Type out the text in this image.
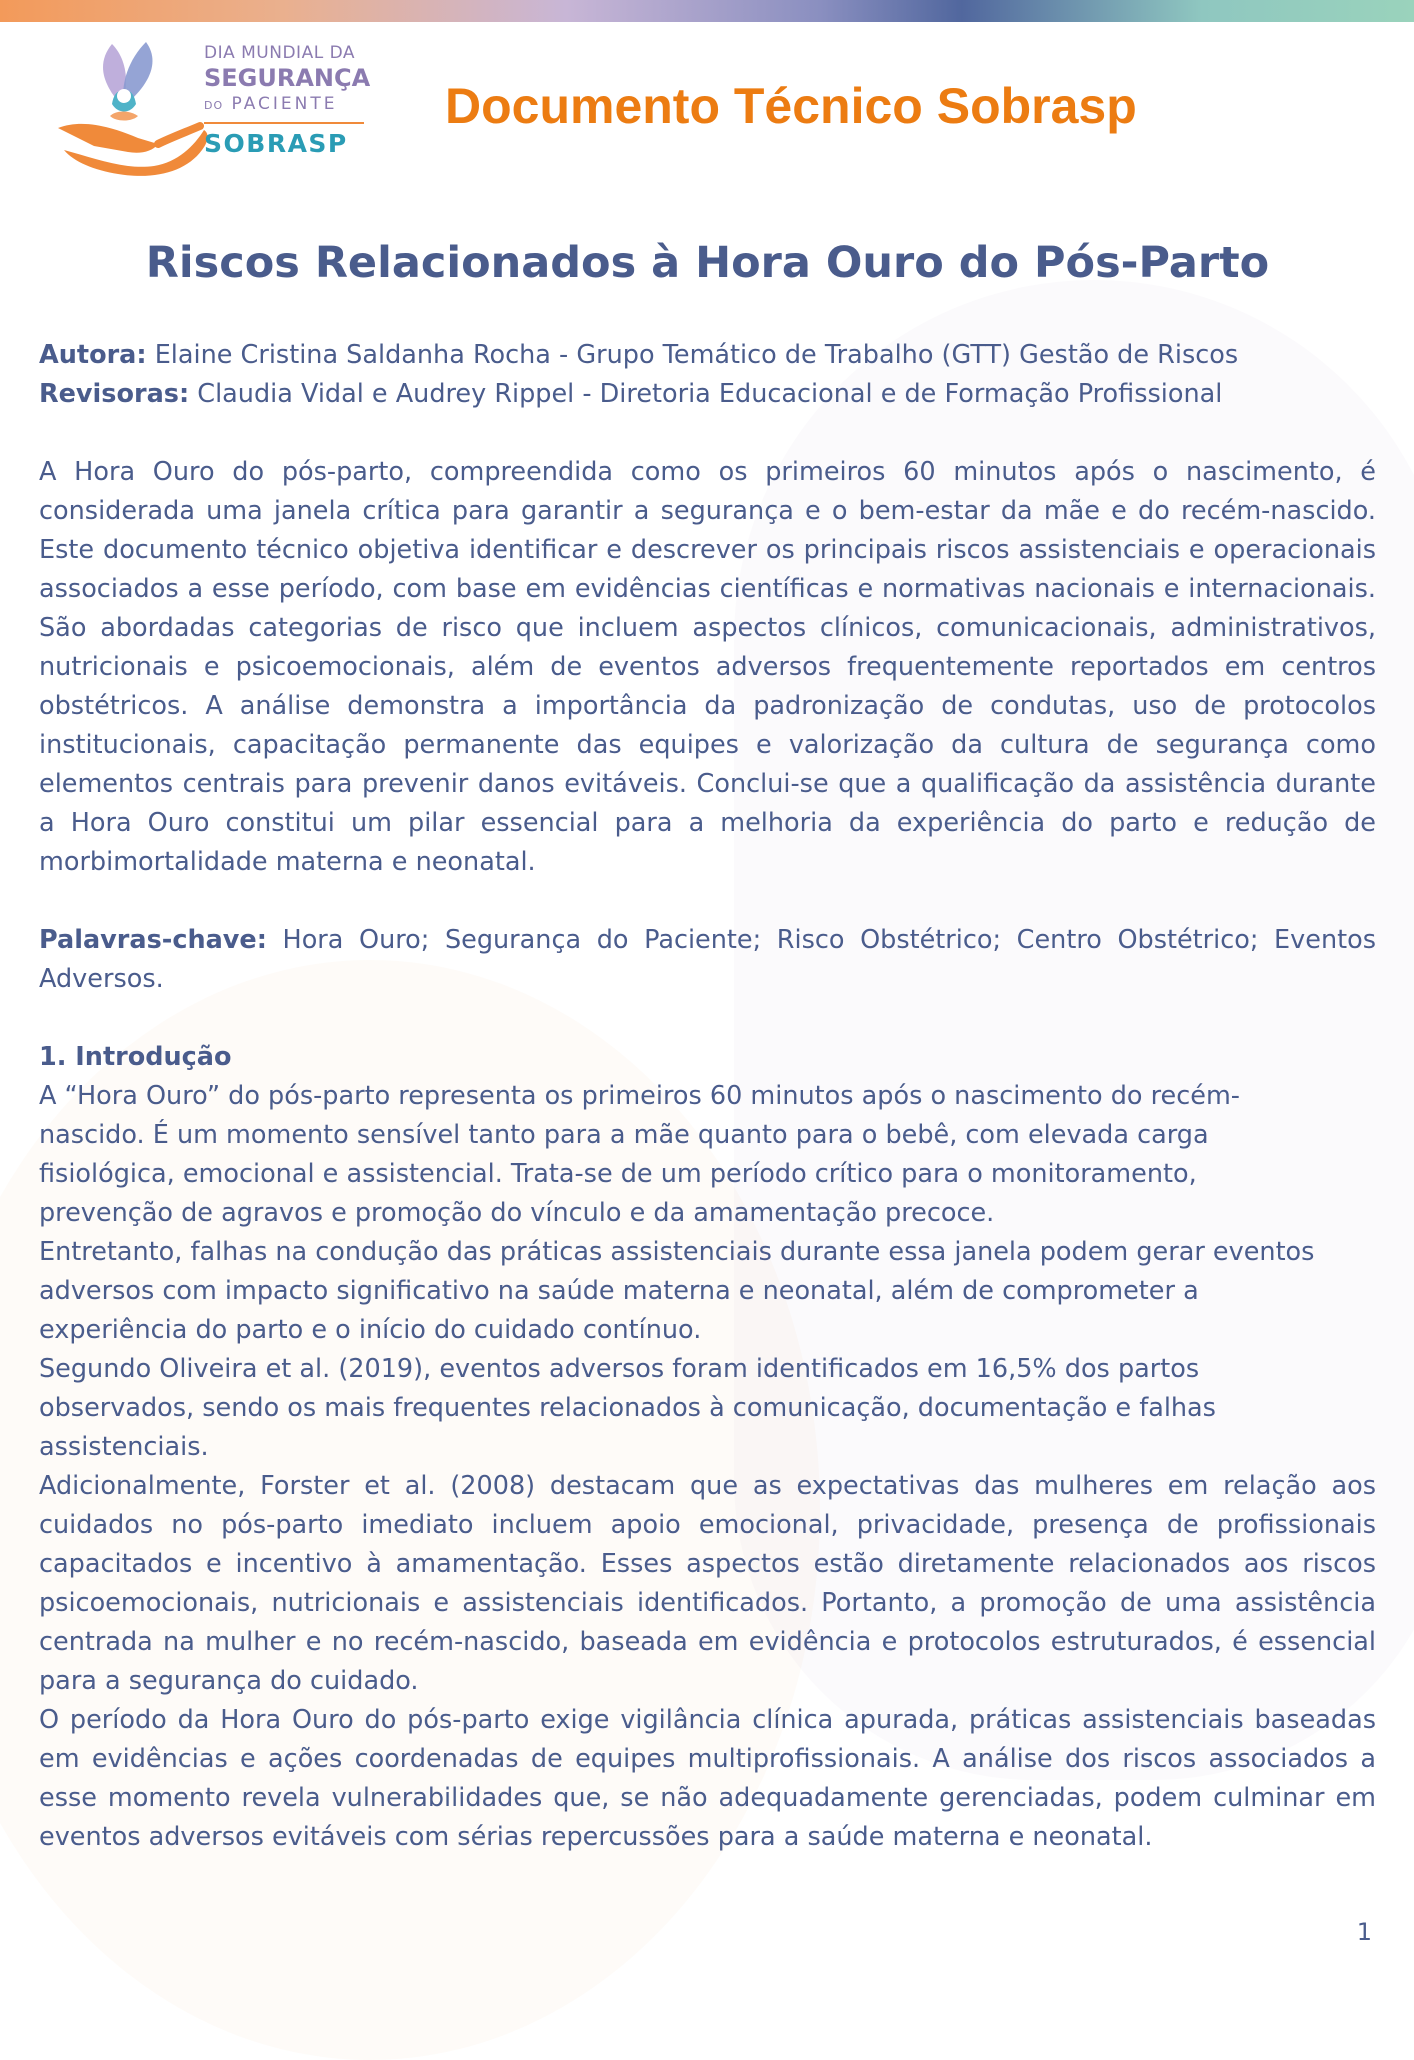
DIA MUNDIAL DA
SEGURANÇA
DO PACIENTE
SOBRASP
Documento Técnico Sobrasp
Riscos Relacionados à Hora Ouro do Pós-Parto

Autora: Elaine Cristina Saldanha Rocha - Grupo Temático de Trabalho (GTT) Gestão de Riscos

Revisoras: Claudia Vidal e Audrey Rippel - Diretoria Educacional e de Formação Profissional

A Hora Ouro do pós-parto, compreendida como os primeiros 60 minutos após o nascimento, é considerada uma janela crítica para garantir a segurança e o bem-estar da mãe e do recém-nascido. Este documento técnico objetiva identificar e descrever os principais riscos assistenciais e operacionais associados a esse período, com base em evidências científicas e normativas nacionais e internacionais. São abordadas categorias de risco que incluem aspectos clínicos, comunicacionais, administrativos, nutricionais e psicoemocionais, além de eventos adversos frequentemente reportados em centros obstétricos. A análise demonstra a importância da padronização de condutas, uso de protocolos institucionais, capacitação permanente das equipes e valorização da cultura de segurança como elementos centrais para prevenir danos evitáveis. Conclui-se que a qualificação da assistência durante a Hora Ouro constitui um pilar essencial para a melhoria da experiência do parto e redução de morbimortalidade materna e neonatal.

Palavras-chave: Hora Ouro; Segurança do Paciente; Risco Obstétrico; Centro Obstétrico; Eventos Adversos.

1. Introdução

A “Hora Ouro” do pós-parto representa os primeiros 60 minutos após o nascimento do recém-
nascido. É um momento sensível tanto para a mãe quanto para o bebê, com elevada carga
fisiológica, emocional e assistencial. Trata-se de um período crítico para o monitoramento,
prevenção de agravos e promoção do vínculo e da amamentação precoce.
Entretanto, falhas na condução das práticas assistenciais durante essa janela podem gerar eventos
adversos com impacto significativo na saúde materna e neonatal, além de comprometer a
experiência do parto e o início do cuidado contínuo.
Segundo Oliveira et al. (2019), eventos adversos foram identificados em 16,5% dos partos
observados, sendo os mais frequentes relacionados à comunicação, documentação e falhas
assistenciais.

Adicionalmente, Forster et al. (2008) destacam que as expectativas das mulheres em relação aos cuidados no pós-parto imediato incluem apoio emocional, privacidade, presença de profissionais capacitados e incentivo à amamentação. Esses aspectos estão diretamente relacionados aos riscos psicoemocionais, nutricionais e assistenciais identificados. Portanto, a promoção de uma assistência centrada na mulher e no recém-nascido, baseada em evidência e protocolos estruturados, é essencial para a segurança do cuidado.

O período da Hora Ouro do pós-parto exige vigilância clínica apurada, práticas assistenciais baseadas em evidências e ações coordenadas de equipes multiprofissionais. A análise dos riscos associados a esse momento revela vulnerabilidades que, se não adequadamente gerenciadas, podem culminar em eventos adversos evitáveis com sérias repercussões para a saúde materna e neonatal.

1
